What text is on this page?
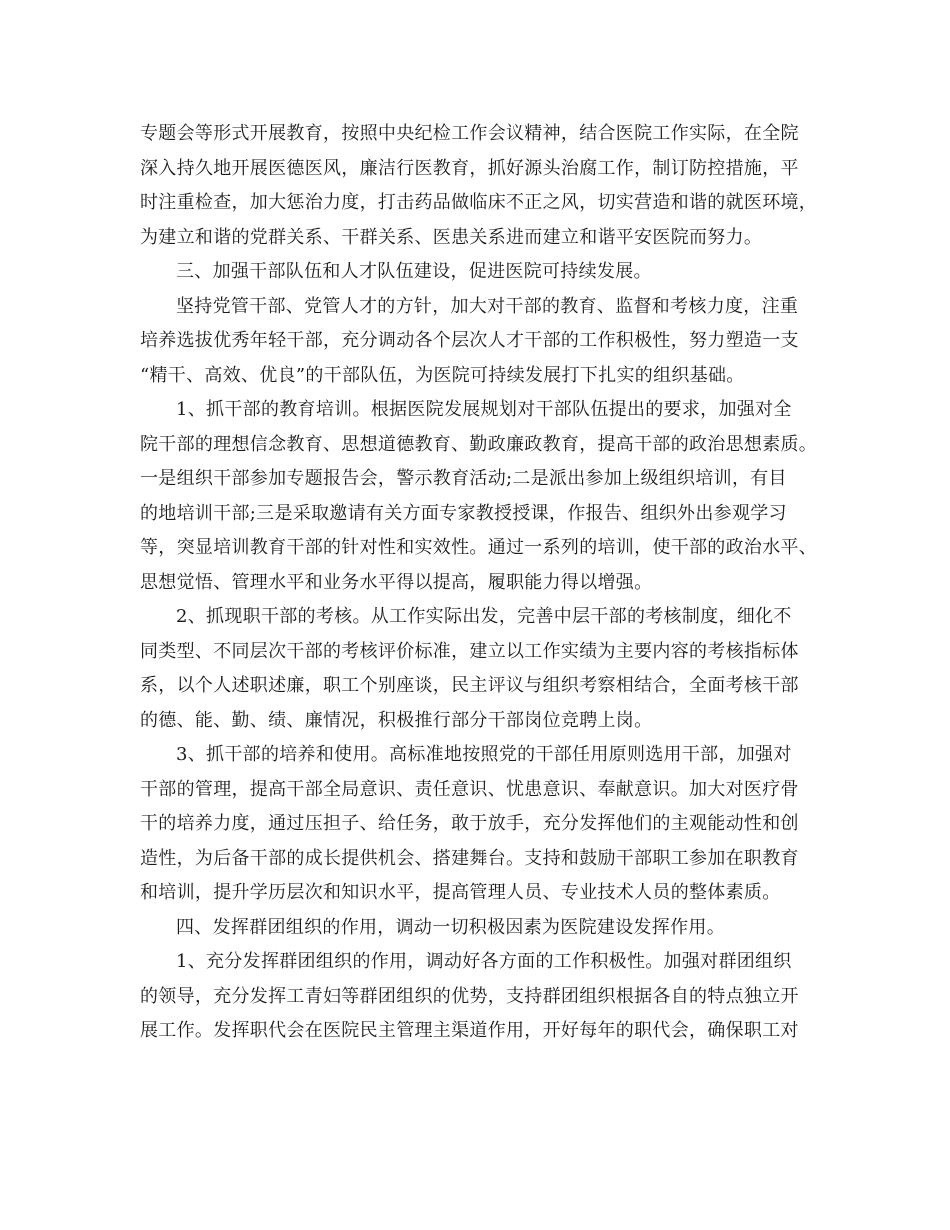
专题会等形式开展教育，按照中央纪检工作会议精神，结合医院工作实际，在全院
深入持久地开展医德医风，廉洁行医教育，抓好源头治腐工作，制订防控措施，平
时注重检查，加大惩治力度，打击药品做临床不正之风，切实营造和谐的就医环境，
为建立和谐的党群关系、干群关系、医患关系进而建立和谐平安医院而努力。
三、加强干部队伍和人才队伍建设，促进医院可持续发展。
坚持党管干部、党管人才的方针，加大对干部的教育、监督和考核力度，注重
培养选拔优秀年轻干部，充分调动各个层次人才干部的工作积极性，努力塑造一支
“精干、高效、优良”的干部队伍，为医院可持续发展打下扎实的组织基础。
1、抓干部的教育培训。根据医院发展规划对干部队伍提出的要求，加强对全
院干部的理想信念教育、思想道德教育、勤政廉政教育，提高干部的政治思想素质。
一是组织干部参加专题报告会，警示教育活动;二是派出参加上级组织培训，有目
的地培训干部;三是采取邀请有关方面专家教授授课，作报告、组织外出参观学习
等，突显培训教育干部的针对性和实效性。通过一系列的培训，使干部的政治水平、
思想觉悟、管理水平和业务水平得以提高，履职能力得以增强。
2、抓现职干部的考核。从工作实际出发，完善中层干部的考核制度，细化不
同类型、不同层次干部的考核评价标准，建立以工作实绩为主要内容的考核指标体
系，以个人述职述廉，职工个别座谈，民主评议与组织考察相结合，全面考核干部
的德、能、勤、绩、廉情况，积极推行部分干部岗位竞聘上岗。
3、抓干部的培养和使用。高标准地按照党的干部任用原则选用干部，加强对
干部的管理，提高干部全局意识、责任意识、忧患意识、奉献意识。加大对医疗骨
干的培养力度，通过压担子、给任务，敢于放手，充分发挥他们的主观能动性和创
造性，为后备干部的成长提供机会、搭建舞台。支持和鼓励干部职工参加在职教育
和培训，提升学历层次和知识水平，提高管理人员、专业技术人员的整体素质。
四、发挥群团组织的作用，调动一切积极因素为医院建设发挥作用。
1、充分发挥群团组织的作用，调动好各方面的工作积极性。加强对群团组织
的领导，充分发挥工青妇等群团组织的优势，支持群团组织根据各自的特点独立开
展工作。发挥职代会在医院民主管理主渠道作用，开好每年的职代会，确保职工对
